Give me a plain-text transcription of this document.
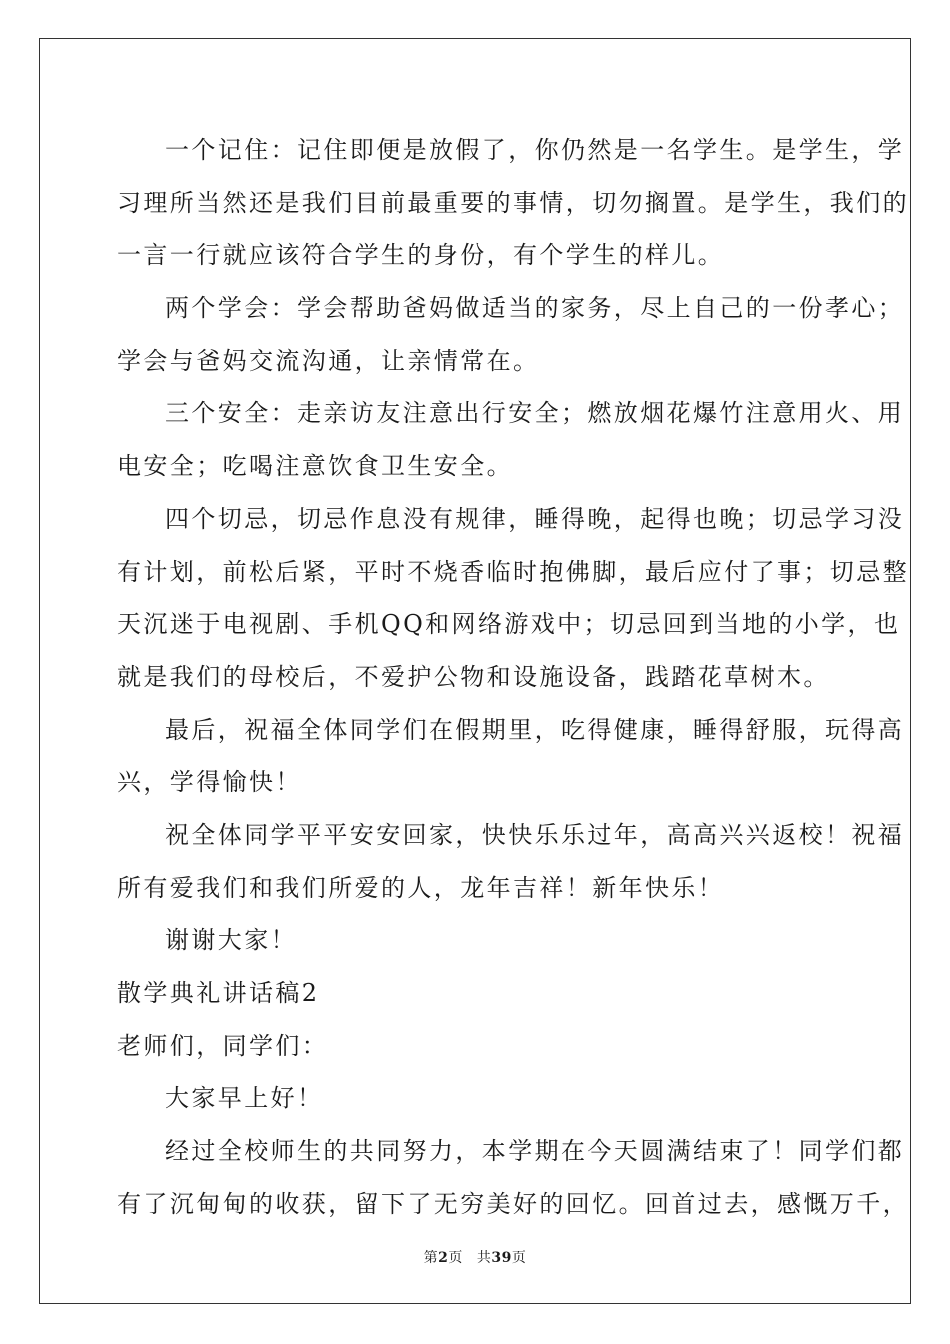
一个记住：记住即便是放假了，你仍然是一名学生。是学生，学
习理所当然还是我们目前最重要的事情，切勿搁置。是学生，我们的
一言一行就应该符合学生的身份，有个学生的样儿。
两个学会：学会帮助爸妈做适当的家务，尽上自己的一份孝心；
学会与爸妈交流沟通，让亲情常在。
三个安全：走亲访友注意出行安全；燃放烟花爆竹注意用火、用
电安全；吃喝注意饮食卫生安全。
四个切忌，切忌作息没有规律，睡得晚，起得也晚；切忌学习没
有计划，前松后紧，平时不烧香临时抱佛脚，最后应付了事；切忌整
天沉迷于电视剧、手机QQ和网络游戏中；切忌回到当地的小学，也
就是我们的母校后，不爱护公物和设施设备，践踏花草树木。
最后，祝福全体同学们在假期里，吃得健康，睡得舒服，玩得高
兴，学得愉快！
祝全体同学平平安安回家，快快乐乐过年，高高兴兴返校！祝福
所有爱我们和我们所爱的人，龙年吉祥！新年快乐！
谢谢大家！
散学典礼讲话稿2
老师们，同学们：
大家早上好！
经过全校师生的共同努力，本学期在今天圆满结束了！同学们都
有了沉甸甸的收获，留下了无穷美好的回忆。回首过去，感慨万千，
第2页 共39页
